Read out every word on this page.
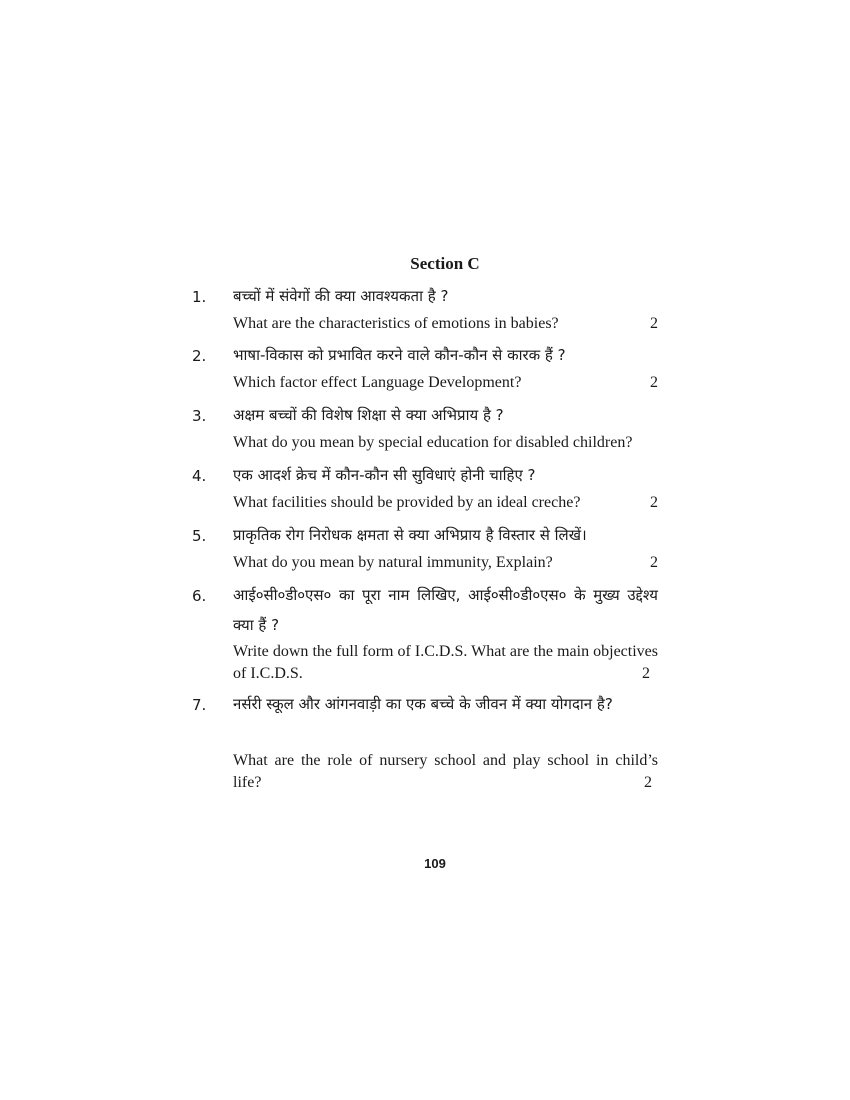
Section C
1. बच्चों में संवेगों की क्या आवश्यकता है ?
What are the characteristics of emotions in babies?	2
2. भाषा-विकास को प्रभावित करने वाले कौन-कौन से कारक हैं ?
Which factor effect Language Development?	2
3. अक्षम बच्चों की विशेष शिक्षा से क्या अभिप्राय है ?
What do you mean by special education for disabled children?
4. एक आदर्श क्रेच में कौन-कौन सी सुविधाएं होनी चाहिए ?
What facilities should be provided by an ideal creche?	2
5. प्राकृतिक रोग निरोधक क्षमता से क्या अभिप्राय है विस्तार से लिखें।
What do you mean by natural immunity, Explain?	2
6. आई०सी०डी०एस० का पूरा नाम लिखिए, आई०सी०डी०एस० के मुख्य उद्देश्य क्या हैं ?
Write down the full form of I.C.D.S. What are the main objectives of I.C.D.S.	2
7. नर्सरी स्कूल और आंगनवाड़ी का एक बच्चे के जीवन में क्या योगदान है?
What are the role of nursery school and play school in child’s life?	2
109
